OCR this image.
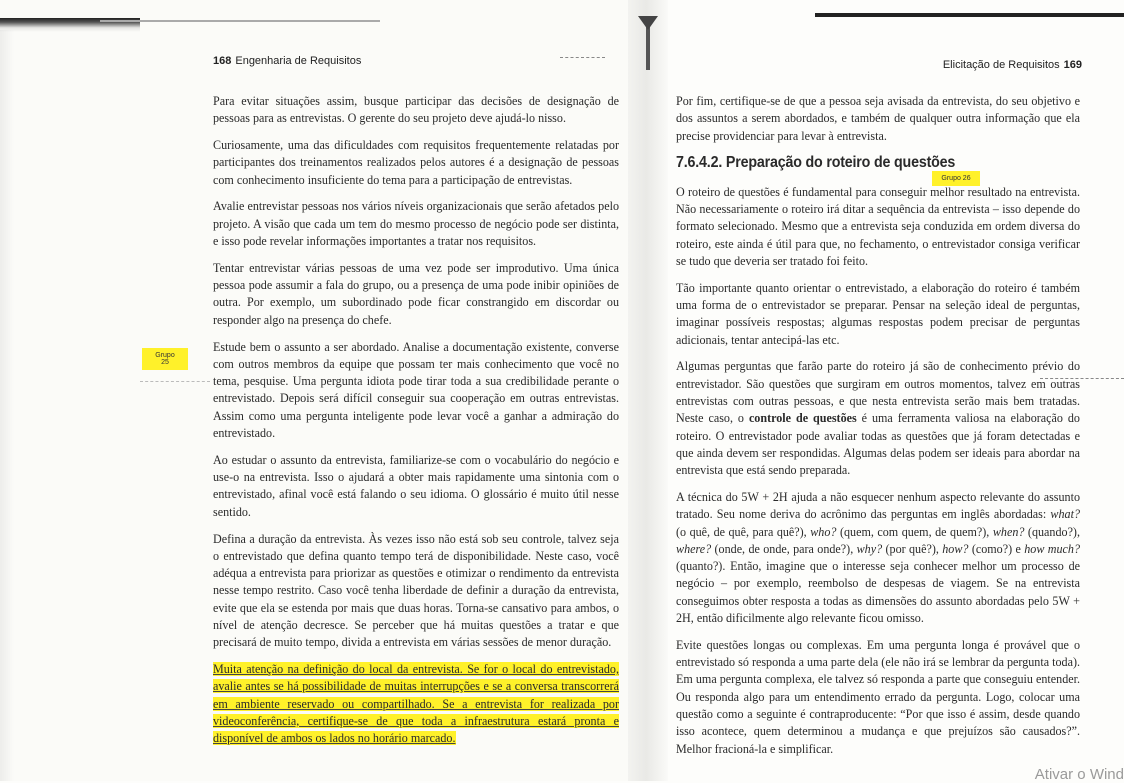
168 Engenharia de Requisitos	Elicitação de Requisitos 169
Grupo 25
Grupo 26

Para evitar situações assim, busque participar das decisões de designação de pessoas para as entrevistas. O gerente do seu projeto deve ajudá-lo nisso.

Curiosamente, uma das dificuldades com requisitos frequentemente relatadas por participantes dos treinamentos realizados pelos autores é a designação de pessoas com conhecimento insuficiente do tema para a participação de entrevistas.

Avalie entrevistar pessoas nos vários níveis organizacionais que serão afetados pelo projeto. A visão que cada um tem do mesmo processo de negócio pode ser distinta, e isso pode revelar informações importantes a tratar nos requisitos.

Tentar entrevistar várias pessoas de uma vez pode ser improdutivo. Uma única pessoa pode assumir a fala do grupo, ou a presença de uma pode inibir opiniões de outra. Por exemplo, um subordinado pode ficar constrangido em discordar ou responder algo na presença do chefe.

Estude bem o assunto a ser abordado. Analise a documentação existente, converse com outros membros da equipe que possam ter mais conhecimento que você no tema, pesquise. Uma pergunta idiota pode tirar toda a sua credibilidade perante o entrevistado. Depois será difícil conseguir sua cooperação em outras entrevistas. Assim como uma pergunta inteligente pode levar você a ganhar a admiração do entrevistado.

Ao estudar o assunto da entrevista, familiarize-se com o vocabulário do negócio e use-o na entrevista. Isso o ajudará a obter mais rapidamente uma sintonia com o entrevistado, afinal você está falando o seu idioma. O glossário é muito útil nesse sentido.

Defina a duração da entrevista. Às vezes isso não está sob seu controle, talvez seja o entrevistado que defina quanto tempo terá de disponibilidade. Neste caso, você adéqua a entrevista para priorizar as questões e otimizar o rendimento da entrevista nesse tempo restrito. Caso você tenha liberdade de definir a duração da entrevista, evite que ela se estenda por mais que duas horas. Torna-se cansativo para ambos, o nível de atenção decresce. Se perceber que há muitas questões a tratar e que precisará de muito tempo, divida a entrevista em várias sessões de menor duração.

Muita atenção na definição do local da entrevista. Se for o local do entrevistado, avalie antes se há possibilidade de muitas interrupções e se a conversa transcorrerá em ambiente reservado ou compartilhado. Se a entrevista for realizada por videoconferência, certifique-se de que toda a infraestrutura estará pronta e disponível de ambos os lados no horário marcado.

Por fim, certifique-se de que a pessoa seja avisada da entrevista, do seu objetivo e dos assuntos a serem abordados, e também de qualquer outra informação que ela precise providenciar para levar à entrevista.

7.6.4.2. Preparação do roteiro de questões

O roteiro de questões é fundamental para conseguir melhor resultado na entrevista. Não necessariamente o roteiro irá ditar a sequência da entrevista – isso depende do formato selecionado. Mesmo que a entrevista seja conduzida em ordem diversa do roteiro, este ainda é útil para que, no fechamento, o entrevistador consiga verificar se tudo que deveria ser tratado foi feito.

Tão importante quanto orientar o entrevistado, a elaboração do roteiro é também uma forma de o entrevistador se preparar. Pensar na seleção ideal de perguntas, imaginar possíveis respostas; algumas respostas podem precisar de perguntas adicionais, tentar antecipá-las etc.

Algumas perguntas que farão parte do roteiro já são de conhecimento prévio do entrevistador. São questões que surgiram em outros momentos, talvez em outras entrevistas com outras pessoas, e que nesta entrevista serão mais bem tratadas. Neste caso, o controle de questões é uma ferramenta valiosa na elaboração do roteiro. O entrevistador pode avaliar todas as questões que já foram detectadas e que ainda devem ser respondidas. Algumas delas podem ser ideais para abordar na entrevista que está sendo preparada.

A técnica do 5W + 2H ajuda a não esquecer nenhum aspecto relevante do assunto tratado. Seu nome deriva do acrônimo das perguntas em inglês abordadas: what? (o quê, de quê, para quê?), who? (quem, com quem, de quem?), when? (quando?), where? (onde, de onde, para onde?), why? (por quê?), how? (como?) e how much? (quanto?). Então, imagine que o interesse seja conhecer melhor um processo de negócio – por exemplo, reembolso de despesas de viagem. Se na entrevista conseguimos obter resposta a todas as dimensões do assunto abordadas pelo 5W + 2H, então dificilmente algo relevante ficou omisso.

Evite questões longas ou complexas. Em uma pergunta longa é provável que o entrevistado só responda a uma parte dela (ele não irá se lembrar da pergunta toda). Em uma pergunta complexa, ele talvez só responda a parte que conseguiu entender. Ou responda algo para um entendimento errado da pergunta. Logo, colocar uma questão como a seguinte é contraproducente: “Por que isso é assim, desde quando isso acontece, quem determinou a mudança e que prejuízos são causados?”. Melhor fracioná-la e simplificar.

Ativar o Wind
